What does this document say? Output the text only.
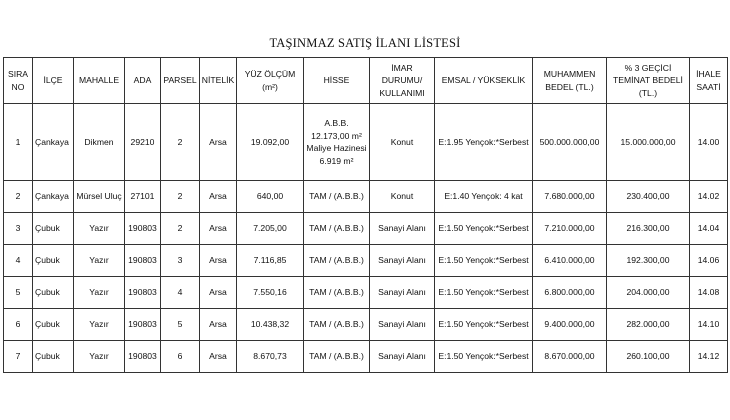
TAŞINMAZ SATIŞ İLANI LİSTESİ
SIRA NO	İLÇE	MAHALLE	ADA	PARSEL	NİTELİK	YÜZ ÖLÇÜM (m²)	HİSSE	İMAR DURUMU/ KULLANIMI	EMSAL / YÜKSEKLİK	MUHAMMEN BEDEL (TL.)	% 3 GEÇİCİ TEMİNAT BEDELİ (TL.)	İHALE SAATİ
1	Çankaya	Dikmen	29210	2	Arsa	19.092,00	A.B.B. 12.173,00 m² Maliye Hazinesi 6.919 m²	Konut	E:1.95 Yençok:*Serbest	500.000.000,00	15.000.000,00	14.00
2	Çankaya	Mürsel Uluç	27101	2	Arsa	640,00	TAM / (A.B.B.)	Konut	E:1.40 Yençok: 4 kat	7.680.000,00	230.400,00	14.02
3	Çubuk	Yazır	190803	2	Arsa	7.205,00	TAM / (A.B.B.)	Sanayi Alanı	E:1.50 Yençok:*Serbest	7.210.000,00	216.300,00	14.04
4	Çubuk	Yazır	190803	3	Arsa	7.116,85	TAM / (A.B.B.)	Sanayi Alanı	E:1.50 Yençok:*Serbest	6.410.000,00	192.300,00	14.06
5	Çubuk	Yazır	190803	4	Arsa	7.550,16	TAM / (A.B.B.)	Sanayi Alanı	E:1.50 Yençok:*Serbest	6.800.000,00	204.000,00	14.08
6	Çubuk	Yazır	190803	5	Arsa	10.438,32	TAM / (A.B.B.)	Sanayi Alanı	E:1.50 Yençok:*Serbest	9.400.000,00	282.000,00	14.10
7	Çubuk	Yazır	190803	6	Arsa	8.670,73	TAM / (A.B.B.)	Sanayi Alanı	E:1.50 Yençok:*Serbest	8.670.000,00	260.100,00	14.12
